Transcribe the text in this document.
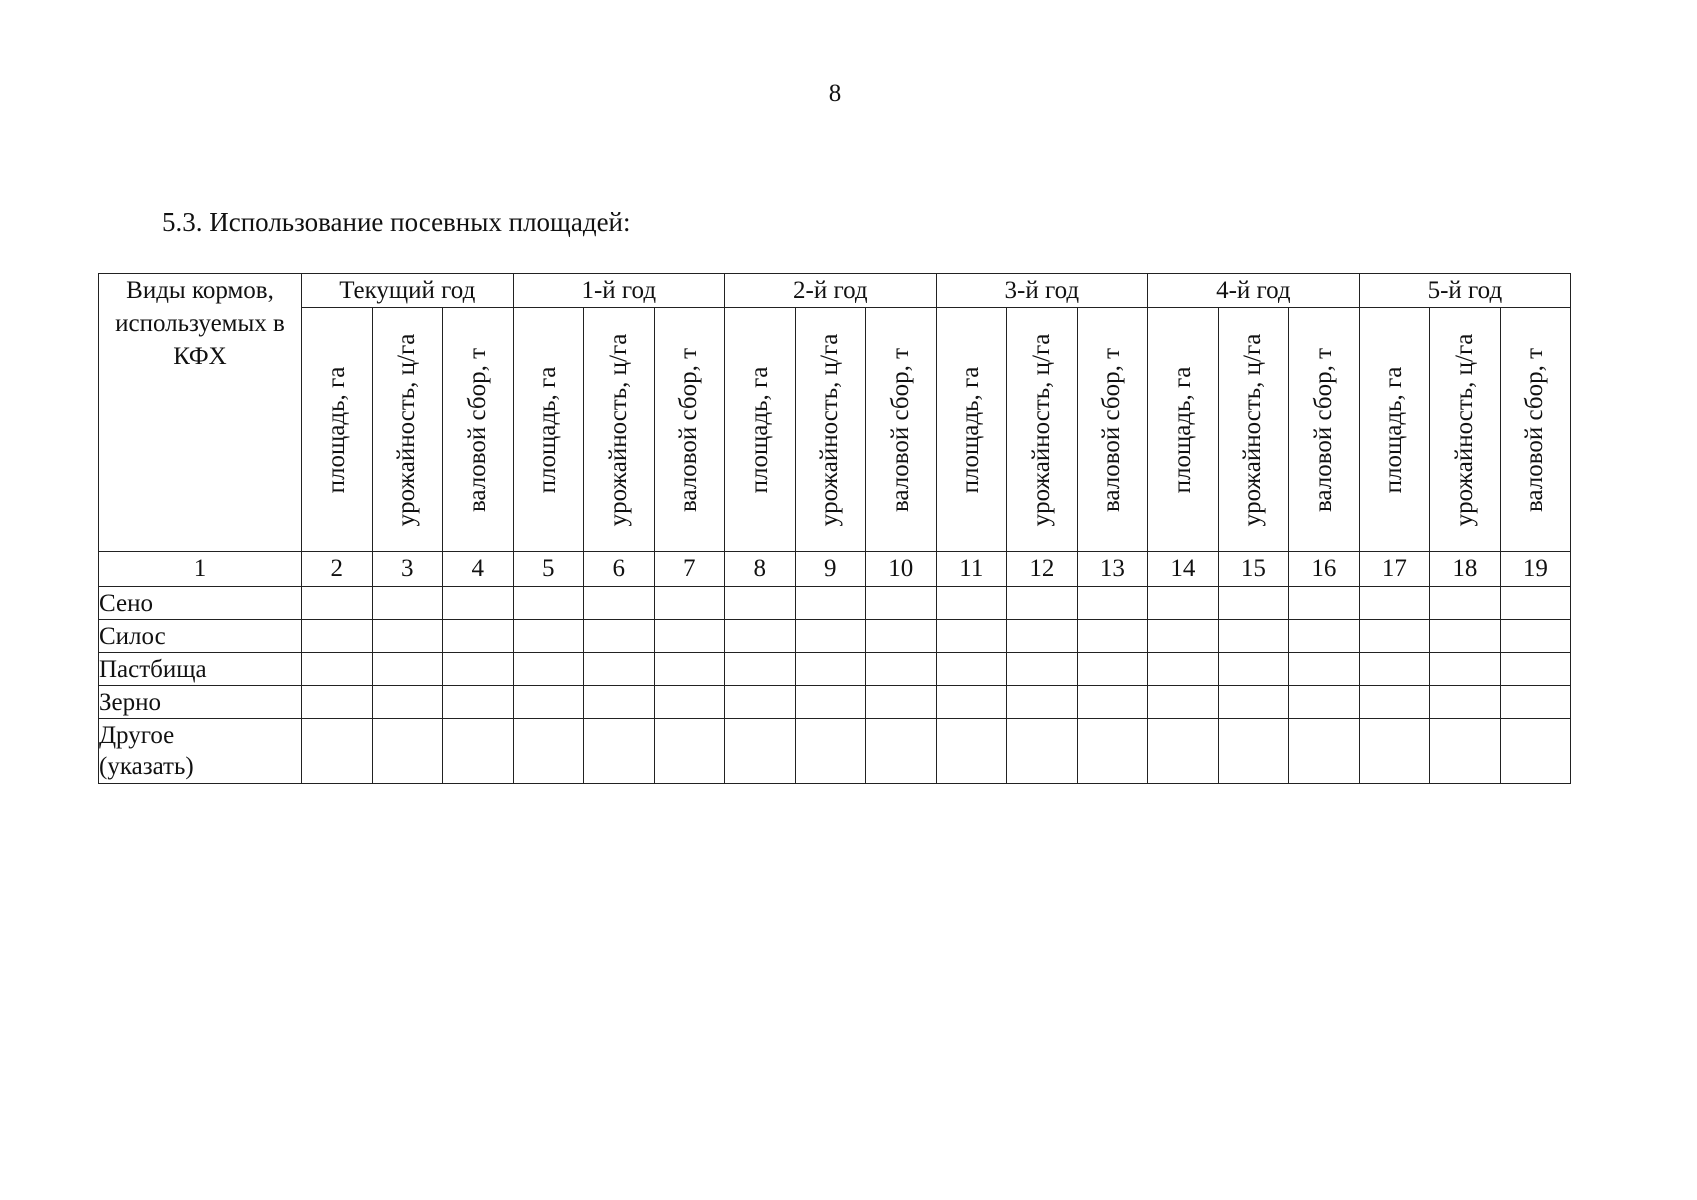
8
5.3. Использование посевных площадей:
Виды кормов, используемых в КФХ	Текущий год			1-й год			2-й год			3-й год			4-й год			5-й год		

	площадь, га	урожайность, ц/га	валовой сбор, т	площадь, га	урожайность, ц/га	валовой сбор, т	площадь, га	урожайность, ц/га	валовой сбор, т	площадь, га	урожайность, ц/га	валовой сбор, т	площадь, га	урожайность, ц/га	валовой сбор, т	площадь, га	урожайность, ц/га	валовой сбор, т

1	2	3	4	5	6	7	8	9	10	11	12	13	14	15	16	17	18	19

Сено																		

Силос																		

Пастбища																		

Зерно																		

Другое
(указать)																		
